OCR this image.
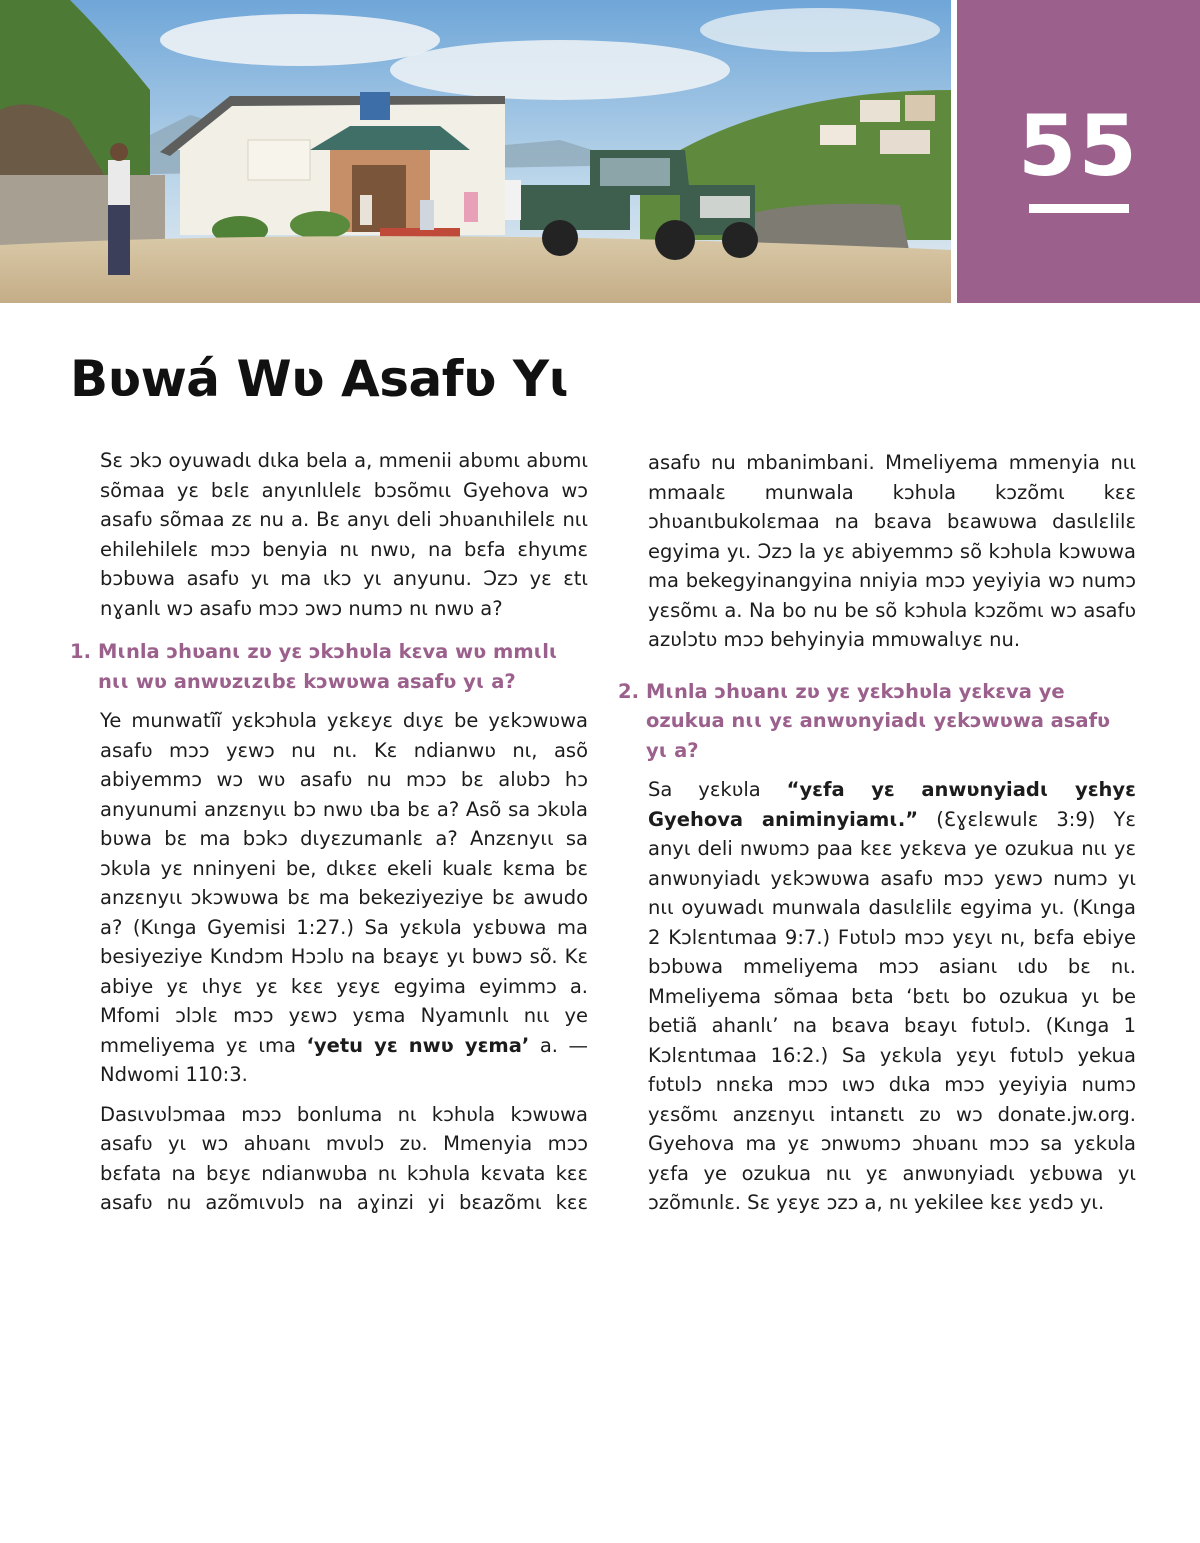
55
Bʋwá Wʋ Asafʋ Yɩ

Sɛ ɔkɔ oyuwadɩ dɩka bela a, mmenii abʋmɩ abʋmɩ sõmaa yɛ bɛlɛ anyɩnlɩlelɛ bɔsõmɩɩ Gyehova wɔ asafʋ sõmaa zɛ nu a. Bɛ anyɩ deli ɔhʋanɩhilelɛ nɩɩ ehilehilelɛ mɔɔ benyia nɩ nwʋ, na bɛfa ɛhyɩmɛ bɔbʋwa asafʋ yɩ ma ɩkɔ yɩ anyunu. Ɔzɔ yɛ ɛtɩ nɣanlɩ wɔ asafʋ mɔɔ ɔwɔ numɔ nɩ nwʋ a?

1. Mɩnla ɔhʋanɩ zʋ yɛ ɔkɔhʋla kɛva wʋ mmɩlɩ nɩɩ wʋ anwʋzɩzɩbɛ kɔwʋwa asafʋ yɩ a?

Ye munwatĩĩ yɛkɔhʋla yɛkɛyɛ dɩyɛ be yɛkɔwʋwa asafʋ mɔɔ yɛwɔ nu nɩ. Kɛ ndianwʋ nɩ, asõ abiyemmɔ wɔ wʋ asafʋ nu mɔɔ bɛ alʋbɔ hɔ anyunumi anzɛnyɩɩ bɔ nwʋ ɩba bɛ a? Asõ sa ɔkʋla bʋwa bɛ ma bɔkɔ dɩyɛzumanlɛ a? Anzɛnyɩɩ sa ɔkʋla yɛ nninyeni be, dɩkɛɛ ekeli kualɛ kɛma bɛ anzɛnyɩɩ ɔkɔwʋwa bɛ ma bekeziyeziye bɛ awudo a? (Kɩnga Gyemisi 1:27.) Sa yɛkʋla yɛbʋwa ma besiyeziye Kɩndɔm Hɔɔlʋ na bɛayɛ yɩ bʋwɔ sõ. Kɛ abiye yɛ ɩhyɛ yɛ kɛɛ yɛyɛ egyima eyimmɔ a. Mfomi ɔlɔlɛ mɔɔ yɛwɔ yɛma Nyamɩnlɩ nɩɩ ye mmeliyema yɛ ɩma ‘yetu yɛ nwʋ yɛma’ a. —Ndwomi 110:3.

Dasɩvʋlɔmaa mɔɔ bonluma nɩ kɔhʋla kɔwʋwa asafʋ yɩ wɔ ahʋanɩ mvʋlɔ zʋ. Mmenyia mɔɔ bɛfata na bɛyɛ ndianwʋba nɩ kɔhʋla kɛvata kɛɛ asafʋ nu azõmɩvʋlɔ na aɣinzi yi bɛazõmɩ kɛɛ

asafʋ nu mbanimbani. Mmeliyema mmenyia nɩɩ mmaalɛ munwala kɔhʋla kɔzõmɩ kɛɛ ɔhʋanɩbukolɛmaa na bɛava bɛawʋwa dasɩlɛlilɛ egyima yɩ. Ɔzɔ la yɛ abiyemmɔ sõ kɔhʋla kɔwʋwa ma bekegyinangyina nniyia mɔɔ yeyiyia wɔ numɔ yɛsõmɩ a. Na bo nu be sõ kɔhʋla kɔzõmɩ wɔ asafʋ azʋlɔtʋ mɔɔ behyinyia mmʋwalɩyɛ nu.

2. Mɩnla ɔhʋanɩ zʋ yɛ yɛkɔhʋla yɛkɛva ye ozukua nɩɩ yɛ anwʋnyiadɩ yɛkɔwʋwa asafʋ yɩ a?

Sa yɛkʋla “yɛfa yɛ anwʋnyiadɩ yɛhyɛ Gyehova animinyiamɩ.” (Ɛɣɛlɛwulɛ 3:9) Yɛ anyɩ deli nwʋmɔ paa kɛɛ yɛkɛva ye ozukua nɩɩ yɛ anwʋnyiadɩ yɛkɔwʋwa asafʋ mɔɔ yɛwɔ numɔ yɩ nɩɩ oyuwadɩ munwala dasɩlɛlilɛ egyima yɩ. (Kɩnga 2 Kɔlɛntɩmaa 9:7.) Fʋtʋlɔ mɔɔ yɛyɩ nɩ, bɛfa ebiye bɔbʋwa mmeliyema mɔɔ asianɩ ɩdʋ bɛ nɩ. Mmeliyema sõmaa bɛta ‘bɛtɩ bo ozukua yɩ be betiã ahanlɩ’ na bɛava bɛayɩ fʋtʋlɔ. (Kɩnga 1 Kɔlɛntɩmaa 16:2.) Sa yɛkʋla yɛyɩ fʋtʋlɔ yekua fʋtʋlɔ nnɛka mɔɔ ɩwɔ dɩka mɔɔ yeyiyia numɔ yɛsõmɩ anzɛnyɩɩ intanɛtɩ zʋ wɔ donate.jw.org. Gyehova ma yɛ ɔnwʋmɔ ɔhʋanɩ mɔɔ sa yɛkʋla yɛfa ye ozukua nɩɩ yɛ anwʋnyiadɩ yɛbʋwa yɩ ɔzõmɩnlɛ. Sɛ yɛyɛ ɔzɔ a, nɩ yekilee kɛɛ yɛdɔ yɩ.
